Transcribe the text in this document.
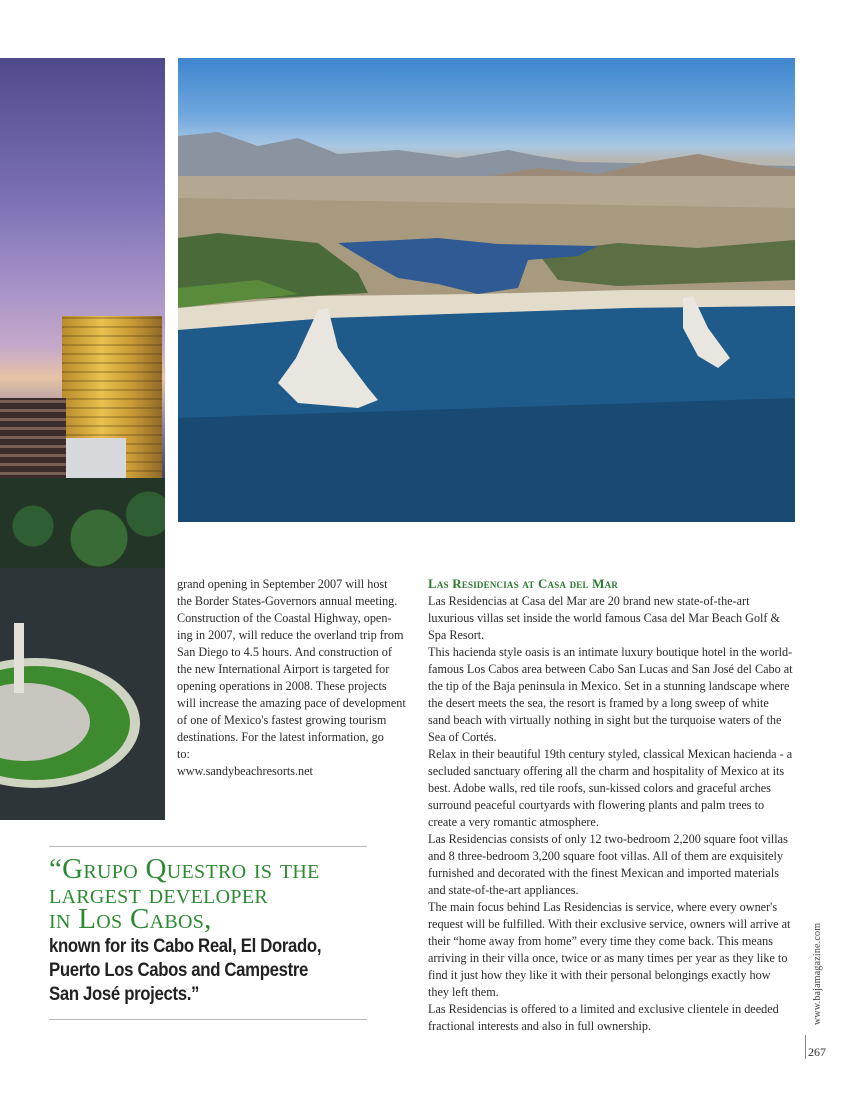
grand opening in September 2007 will host
the Border States-Governors annual meeting.
Construction of the Coastal Highway, open-
ing in 2007, will reduce the overland trip from
San Diego to 4.5 hours. And construction of
the new International Airport is targeted for
opening operations in 2008. These projects
will increase the amazing pace of development
of one of Mexico's fastest growing tourism
destinations. For the latest information, go
to:

www.sandybeachresorts.net

Las Residencias at Casa del Mar

Las Residencias at Casa del Mar are 20 brand new state-of-the-art luxurious villas set inside the world famous Casa del Mar Beach Golf & Spa Resort.

This hacienda style oasis is an intimate luxury boutique hotel in the world-famous Los Cabos area between Cabo San Lucas and San José del Cabo at the tip of the Baja peninsula in Mexico. Set in a stunning landscape where the desert meets the sea, the resort is framed by a long sweep of white sand beach with virtually nothing in sight but the turquoise waters of the Sea of Cortés.

Relax in their beautiful 19th century styled, classical Mexican hacienda - a secluded sanctuary offering all the charm and hospitality of Mexico at its best. Adobe walls, red tile roofs, sun-kissed colors and graceful arches surround peaceful courtyards with flowering plants and palm trees to create a very romantic atmosphere.

Las Residencias consists of only 12 two-bedroom 2,200 square foot villas and 8 three-bedroom 3,200 square foot villas. All of them are exquisitely furnished and decorated with the finest Mexican and imported materials and state-of-the-art appliances.

The main focus behind Las Residencias is service, where every owner's request will be fulfilled. With their exclusive service, owners will arrive at their “home away from home” every time they come back. This means arriving in their villa once, twice or as many times per year as they like to find it just how they like it with their personal belongings exactly how they left them.

Las Residencias is offered to a limited and exclusive clientele in deeded fractional interests and also in full ownership.

“Grupo Questro is the
largest developer
in Los Cabos,

known for its Cabo Real, El Dorado,
Puerto Los Cabos and Campestre
San José projects.”	www.bajamagazine.com
267
